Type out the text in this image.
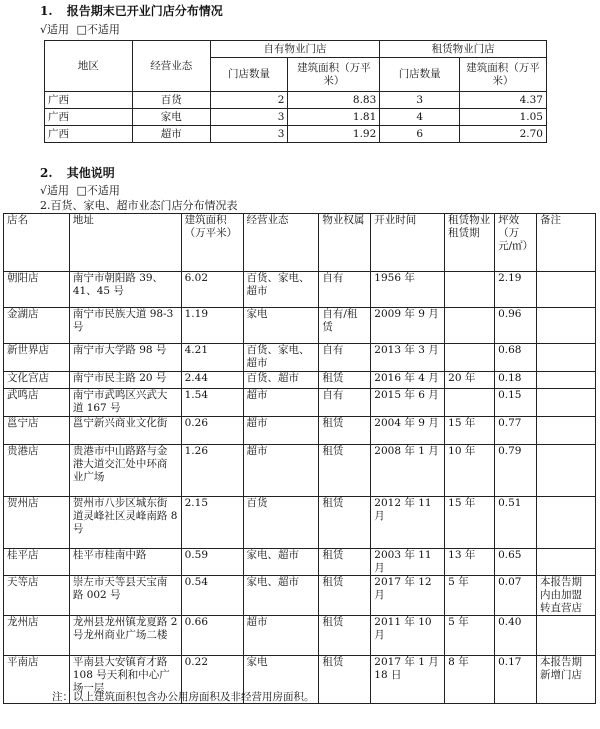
1. 报告期末已开业门店分布情况
√适用 □不适用
地区	经营业态	自有物业门店		租赁物业门店	
		门店数量	建筑面积（万平米）	门店数量	建筑面积（万平米）
广西	百货	2	8.83	3	4.37
广西	家电	3	1.81	4	1.05
广西	超市	3	1.92	6	2.70
2. 其他说明
√适用 □不适用
2.百货、家电、超市业态门店分布情况表
店名	地址	建筑面积（万平米）	经营业态	物业权属	开业时间	租赁物业租赁期	坪效（万元/㎡）	备注
朝阳店	南宁市朝阳路 39、41、45 号	6.02	百货、家电、超市	自有	1956 年		2.19	
金湖店	南宁市民族大道 98-3 号	1.19	家电	自有/租赁	2009 年 9 月		0.96	
新世界店	南宁市大学路 98 号	4.21	百货、家电、超市	自有	2013 年 3 月		0.68	
文化宫店	南宁市民主路 20 号	2.44	百货、超市	租赁	2016 年 4 月	20 年	0.18	
武鸣店	南宁市武鸣区兴武大道 167 号	1.54	超市	自有	2015 年 6 月		0.15	
邕宁店	邕宁新兴商业文化街	0.26	超市	租赁	2004 年 9 月	15 年	0.77	
贵港店	贵港市中山路路与金港大道交汇处中环商业广场	1.26	超市	租赁	2008 年 1 月	10 年	0.79	
贺州店	贺州市八步区城东街道灵峰社区灵峰南路 8 号	2.15	百货	租赁	2012 年 11 月	15 年	0.51	
桂平店	桂平市桂南中路	0.59	家电、超市	租赁	2003 年 11 月	13 年	0.65	
天等店	崇左市天等县天宝南路 002 号	0.54	家电、超市	租赁	2017 年 12 月	5 年	0.07	本报告期内由加盟转直营店
龙州店	龙州县龙州镇龙夏路 2 号龙州商业广场二楼	0.66	超市	租赁	2011 年 10 月	5 年	0.40	
平南店	平南县大安镇育才路 108 号天利和中心广场一层	0.22	家电	租赁	2017 年 1 月 18 日	8 年	0.17	本报告期新增门店
注：以上建筑面积包含办公用房面积及非经营用房面积。
